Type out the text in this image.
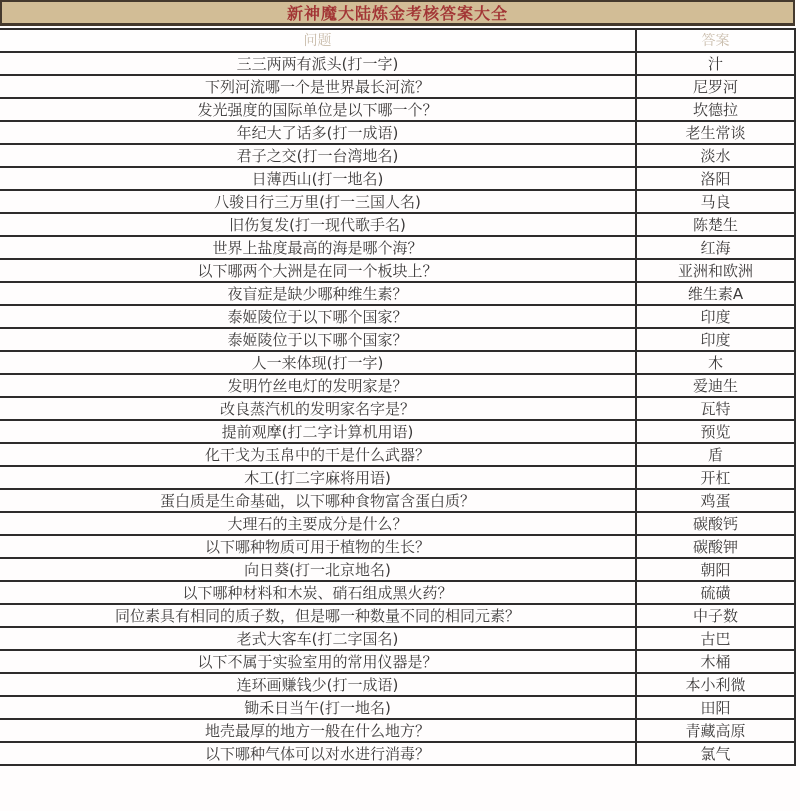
新神魔大陆炼金考核答案大全
问题	答案
三三两两有派头(打一字)	汁
下列河流哪一个是世界最长河流？	尼罗河
发光强度的国际单位是以下哪一个？	坎德拉
年纪大了话多(打一成语)	老生常谈
君子之交(打一台湾地名)	淡水
日薄西山(打一地名)	洛阳
八骏日行三万里(打一三国人名)	马良
旧伤复发(打一现代歌手名)	陈楚生
世界上盐度最高的海是哪个海？	红海
以下哪两个大洲是在同一个板块上？	亚洲和欧洲
夜盲症是缺少哪种维生素？	维生素A
泰姬陵位于以下哪个国家？	印度
泰姬陵位于以下哪个国家？	印度
人一来体现(打一字)	木
发明竹丝电灯的发明家是？	爱迪生
改良蒸汽机的发明家名字是？	瓦特
提前观摩(打二字计算机用语)	预览
化干戈为玉帛中的干是什么武器？	盾
木工(打二字麻将用语)	开杠
蛋白质是生命基础，以下哪种食物富含蛋白质？	鸡蛋
大理石的主要成分是什么？	碳酸钙
以下哪种物质可用于植物的生长？	碳酸钾
向日葵(打一北京地名)	朝阳
以下哪种材料和木炭、硝石组成黑火药？	硫磺
同位素具有相同的质子数，但是哪一种数量不同的相同元素？	中子数
老式大客车(打二字国名)	古巴
以下不属于实验室用的常用仪器是？	木桶
连环画赚钱少(打一成语)	本小利微
锄禾日当午(打一地名)	田阳
地壳最厚的地方一般在什么地方？	青藏高原
以下哪种气体可以对水进行消毒？	氯气
